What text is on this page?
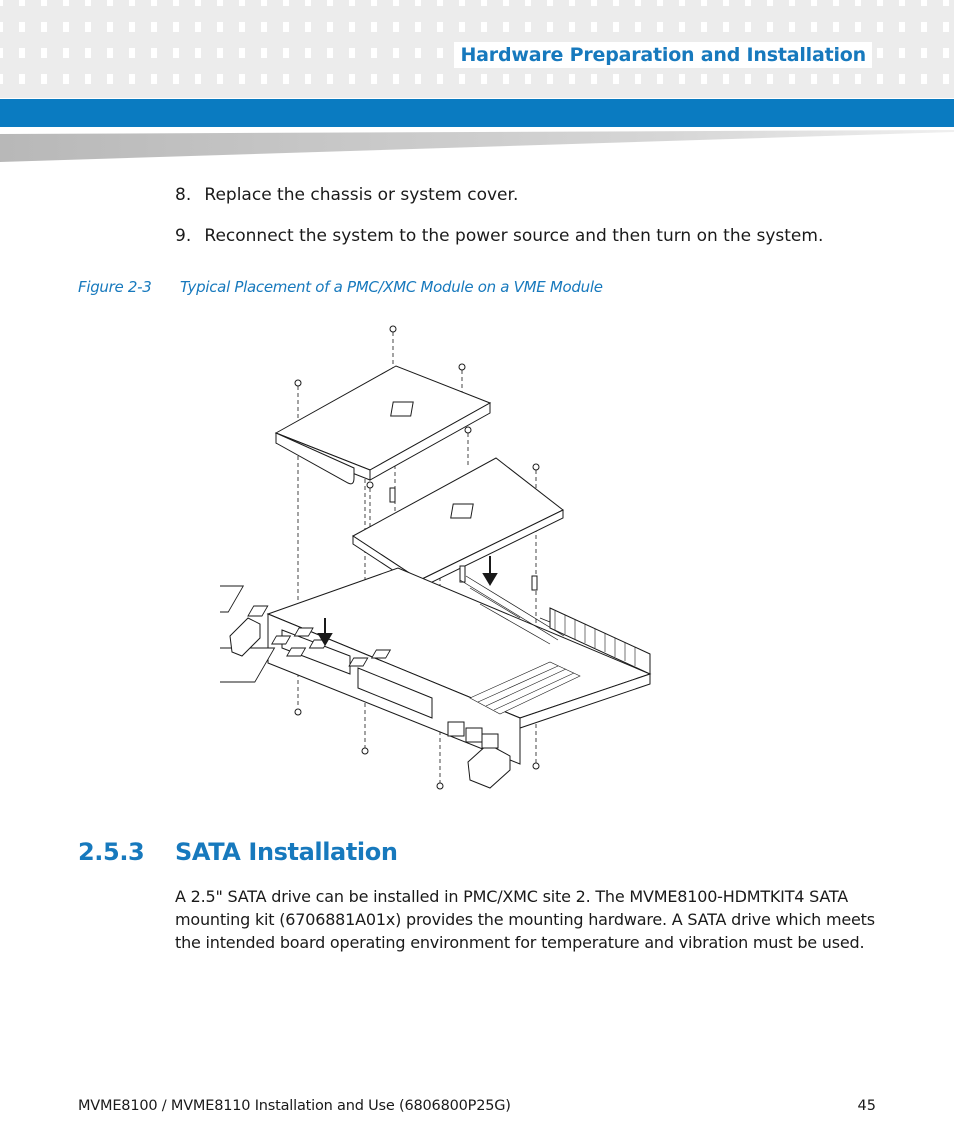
Hardware Preparation and Installation
8. Replace the chassis or system cover.
9. Reconnect the system to the power source and then turn on the system.
Figure 2-3 Typical Placement of a PMC/XMC Module on a VME Module
2.5.3 SATA Installation
A 2.5" SATA drive can be installed in PMC/XMC site 2. The MVME8100-HDMTKIT4 SATA mounting kit (6706881A01x) provides the mounting hardware. A SATA drive which meets the intended board operating environment for temperature and vibration must be used.
MVME8100 / MVME8110 Installation and Use (6806800P25G)	45
